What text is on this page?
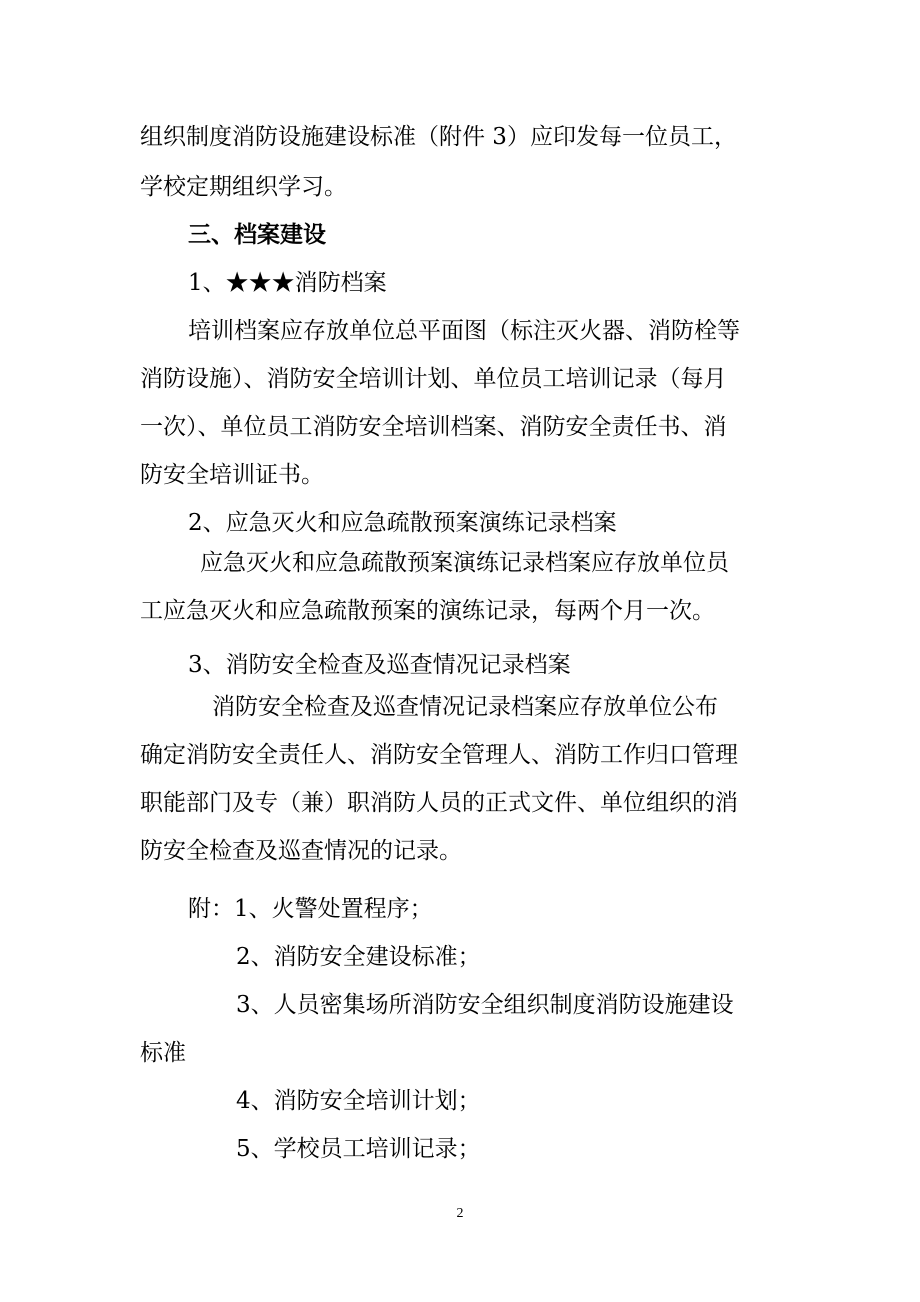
组织制度消防设施建设标准（附件 3）应印发每一位员工，
学校定期组织学习。
三、档案建设
1、★★★消防档案
培训档案应存放单位总平面图（标注灭火器、消防栓等
消防设施）、消防安全培训计划、单位员工培训记录（每月
一次）、单位员工消防安全培训档案、消防安全责任书、消
防安全培训证书。
2、应急灭火和应急疏散预案演练记录档案
应急灭火和应急疏散预案演练记录档案应存放单位员
工应急灭火和应急疏散预案的演练记录，每两个月一次。
3、消防安全检查及巡查情况记录档案
消防安全检查及巡查情况记录档案应存放单位公布
确定消防安全责任人、消防安全管理人、消防工作归口管理
职能部门及专（兼）职消防人员的正式文件、单位组织的消
防安全检查及巡查情况的记录。
附：1、火警处置程序；
2、消防安全建设标准；
3、人员密集场所消防安全组织制度消防设施建设
标准
4、消防安全培训计划；
5、学校员工培训记录；
2
